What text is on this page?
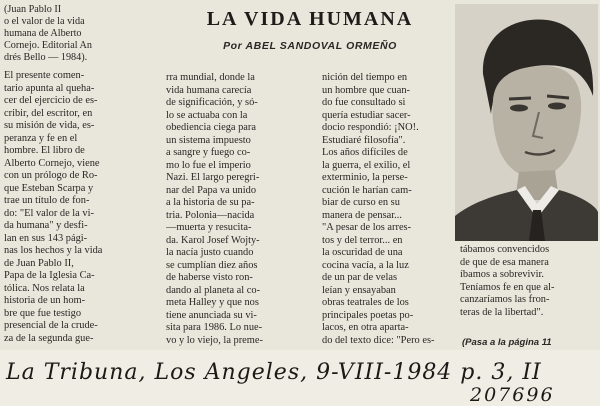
(Juan Pablo II
o el valor de la vida
humana de Alberto
Cornejo. Editorial An
drés Bello — 1984).
El presente comen-
tario apunta al queha-
cer del ejercicio de es-
cribir, del escritor, en
su misión de vida, es-
peranza y fe en el
hombre. El libro de
Alberto Cornejo, viene
con un prólogo de Ro-
que Esteban Scarpa y
trae un título de fon-
do: "El valor de la vi-
da humana" y desfi-
lan en sus 143 pági-
nas los hechos y la vida
de Juan Pablo II,
Papa de la Iglesia Ca-
tólica. Nos relata la
historia de un hom-
bre que fue testigo
presencial de la crude-
za de la segunda gue-
LA VIDA HUMANA
Por ABEL SANDOVAL ORMEÑO
rra mundial, donde la
vida humana carecía
de significación, y só-
lo se actuaba con la
obediencia ciega para
un sistema impuesto
a sangre y fuego co-
mo lo fue el imperio
Nazi. El largo peregri-
nar del Papa va unido
a la historia de su pa-
tria. Polonia—nacida
—muerta y resucita-
da. Karol Josef Wojty-
la nacía justo cuando
se cumplían diez años
de haberse visto ron-
dando al planeta al co-
meta Halley y que nos
tiene anunciada su vi-
sita para 1986. Lo nue-
vo y lo viejo, la preme-
nición del tiempo en
un hombre que cuan-
do fue consultado si
quería estudiar sacer-
docio respondió: ¡NO!.
Estudiaré filosofía".
Los años difíciles de
la guerra, el exilio, el
exterminio, la perse-
cución le harían cam-
biar de curso en su
manera de pensar...
"A pesar de los arres-
tos y del terror... en
la oscuridad de una
cocina vacía, a la luz
de un par de velas
leían y ensayaban
obras teatrales de los
principales poetas po-
lacos, en otra aparta-
do del texto dice: "Pero es-
tábamos convencidos
de que de esa manera
íbamos a sobrevivir.
Teníamos fe en que al-
canzaríamos las fron-
teras de la libertad".
(Pasa a la página 11
La Tribuna, Los Angeles, 9-VIII-1984 p. 3, II
207696
